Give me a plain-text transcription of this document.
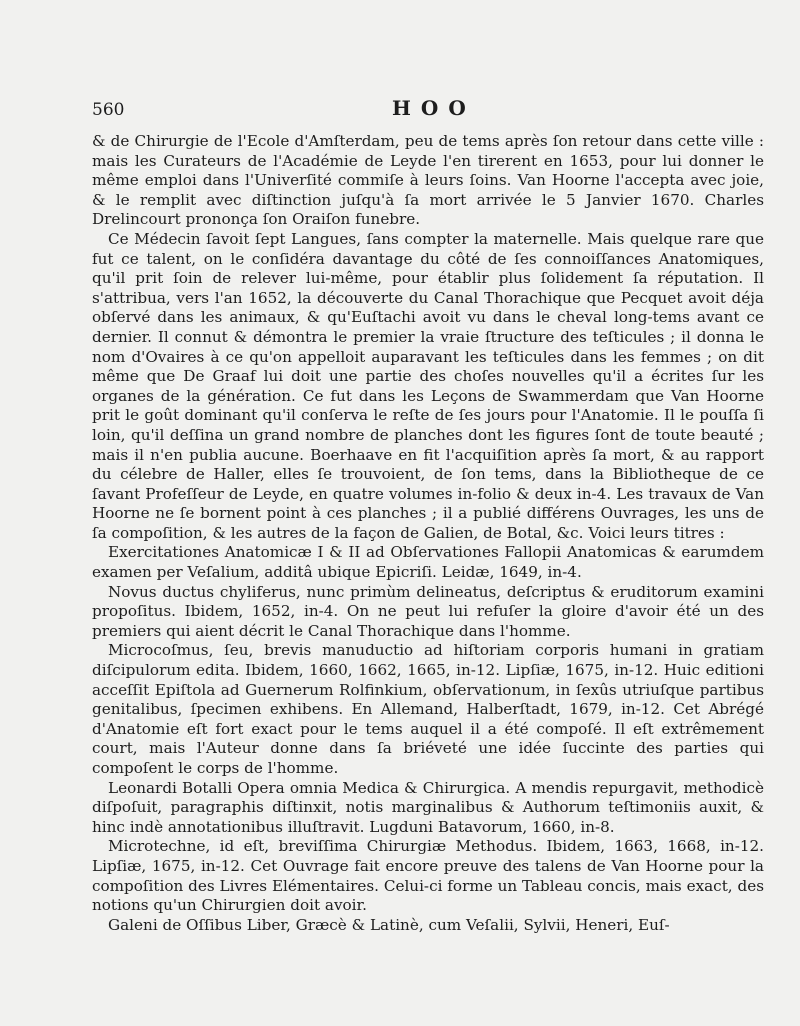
560	HOO

& de Chirurgie de l'Ecole d'Amſterdam, peu de tems après ſon retour dans cette ville : mais les Curateurs de l'Académie de Leyde l'en tirerent en 1653, pour lui donner le même emploi dans l'Univerſité commiſe à leurs ſoins. Van Hoorne l'accepta avec joie, & le remplit avec diſtinction juſqu'à ſa mort arrivée le 5 Janvier 1670. Charles Drelincourt prononça ſon Oraiſon funebre.

Ce Médecin ſavoit ſept Langues, ſans compter la maternelle. Mais quelque rare que fut ce talent, on le conſidéra davantage du côté de ſes connoiſſances Anatomiques, qu'il prit ſoin de relever lui-même, pour établir plus ſolidement ſa réputation. Il s'attribua, vers l'an 1652, la découverte du Canal Thorachique que Pecquet avoit déja obſervé dans les animaux, & qu'Euſtachi avoit vu dans le cheval long-tems avant ce dernier. Il connut & démontra le premier la vraie ſtructure des teſticules ; il donna le nom d'Ovaires à ce qu'on appelloit auparavant les teſticules dans les femmes ; on dit même que De Graaf lui doit une partie des choſes nouvelles qu'il a écrites ſur les organes de la génération. Ce fut dans les Leçons de Swammerdam que Van Hoorne prit le goût dominant qu'il conſerva le reſte de ſes jours pour l'Anatomie. Il le pouſſa ſi loin, qu'il deſſina un grand nombre de planches dont les figures ſont de toute beauté ; mais il n'en publia aucune. Boerhaave en fit l'acquiſition après ſa mort, & au rapport du célebre de Haller, elles ſe trouvoient, de ſon tems, dans la Bibliotheque de ce ſavant Profeſſeur de Leyde, en quatre volumes in-folio & deux in-4. Les travaux de Van Hoorne ne ſe bornent point à ces planches ; il a publié différens Ouvrages, les uns de ſa compoſition, & les autres de la façon de Galien, de Botal, &c. Voici leurs titres :

Exercitationes Anatomicæ I & II ad Obſervationes Fallopii Anatomicas & earumdem examen per Veſalium, additâ ubique Epicriſi. Leidæ, 1649, in-4.

Novus ductus chyliferus, nunc primùm delineatus, deſcriptus & eruditorum examini propoſitus. Ibidem, 1652, in-4. On ne peut lui refuſer la gloire d'avoir été un des premiers qui aient décrit le Canal Thorachique dans l'homme.

Microcoſmus, ſeu, brevis manuductio ad hiſtoriam corporis humani in gratiam diſcipulorum edita. Ibidem, 1660, 1662, 1665, in-12. Lipſiæ, 1675, in-12. Huic editioni acceſſit Epiſtola ad Guernerum Rolfinkium, obſervationum, in ſexûs utriuſque partibus genitalibus, ſpecimen exhibens. En Allemand, Halberſtadt, 1679, in-12. Cet Abrégé d'Anatomie eſt fort exact pour le tems auquel il a été compoſé. Il eſt extrêmement court, mais l'Auteur donne dans ſa briéveté une idée ſuccinte des parties qui compoſent le corps de l'homme.

Leonardi Botalli Opera omnia Medica & Chirurgica. A mendis repurgavit, methodicè diſpoſuit, paragraphis diſtinxit, notis marginalibus & Authorum teſtimoniis auxit, & hinc indè annotationibus illuſtravit. Lugduni Batavorum, 1660, in-8.

Microtechne, id eſt, breviſſima Chirurgiæ Methodus. Ibidem, 1663, 1668, in-12. Lipſiæ, 1675, in-12. Cet Ouvrage fait encore preuve des talens de Van Hoorne pour la compoſition des Livres Elémentaires. Celui-ci forme un Tableau concis, mais exact, des notions qu'un Chirurgien doit avoir.

Galeni de Oſſibus Liber, Græcè & Latinè, cum Veſalii, Sylvii, Heneri, Euſ-
